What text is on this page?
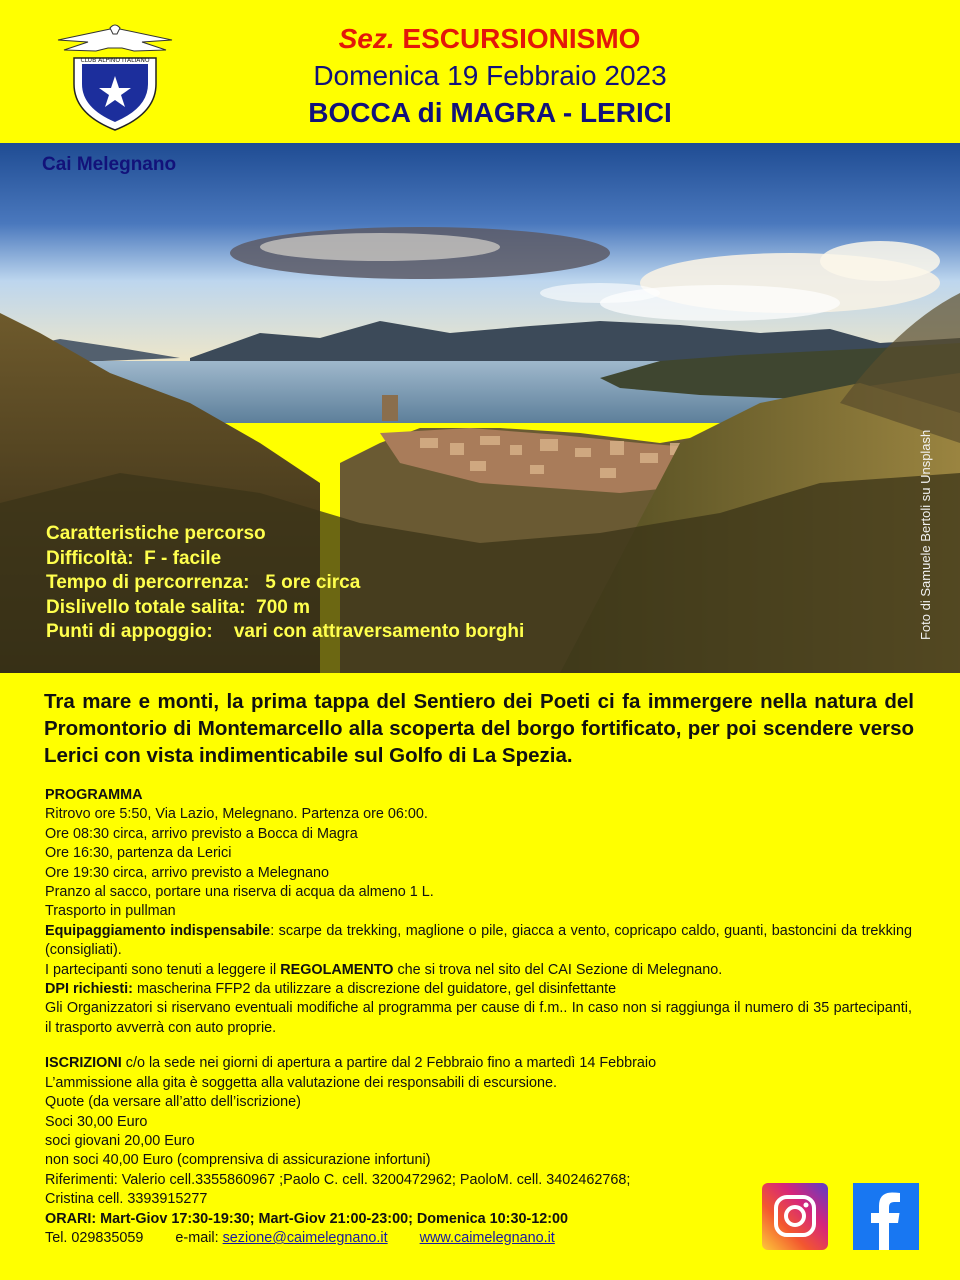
CLUB ALPINO ITALIANO
Sez. ESCURSIONISMO
Domenica 19 Febbraio 2023
BOCCA di MAGRA - LERICI
Cai Melegnano
Foto di Samuele Bertoli su Unsplash
Caratteristiche percorso
Difficoltà:  F - facile
Tempo di percorrenza:   5 ore circa
Dislivello totale salita:  700 m
Punti di appoggio:    vari con attraversamento borghi
Tra mare e monti, la prima tappa del Sentiero dei Poeti ci fa immergere nella natura del Promontorio di Montemarcello alla scoperta del borgo fortificato, per poi scendere verso Lerici con vista indimenticabile sul Golfo di La Spezia.

PROGRAMMA

Ritrovo ore 5:50, Via Lazio, Melegnano. Partenza ore 06:00.

Ore 08:30 circa, arrivo previsto a Bocca di Magra

Ore 16:30, partenza da Lerici

Ore 19:30 circa, arrivo previsto a Melegnano

Pranzo al sacco, portare una riserva di acqua da almeno 1 L.

Trasporto in pullman

Equipaggiamento indispensabile: scarpe da trekking, maglione o pile, giacca a vento, copricapo caldo, guanti, bastoncini da trekking (consigliati).

I partecipanti sono tenuti a leggere il REGOLAMENTO che si trova nel sito del CAI Sezione di Melegnano.

DPI richiesti: mascherina FFP2 da utilizzare a discrezione del guidatore, gel disinfettante

Gli Organizzatori si riservano eventuali modifiche al programma per cause di f.m.. In caso non si raggiunga il numero di 35 partecipanti, il trasporto avverrà con auto proprie.

ISCRIZIONI c/o la sede nei giorni di apertura a partire dal 2 Febbraio fino a martedì 14 Febbraio

L’ammissione alla gita è soggetta alla valutazione dei responsabili di escursione.

Quote (da versare all’atto dell’iscrizione)

Soci 30,00 Euro

soci giovani 20,00 Euro

non soci 40,00 Euro (comprensiva di assicurazione infortuni)

Riferimenti: Valerio cell.3355860967 ;Paolo C. cell. 3200472962; PaoloM. cell. 3402462768;

Cristina cell. 3393915277

ORARI: Mart-Giov 17:30-19:30; Mart-Giov 21:00-23:00; Domenica 10:30-12:00

Tel. 029835059 e-mail: sezione@caimelegnano.it www.caimelegnano.it
